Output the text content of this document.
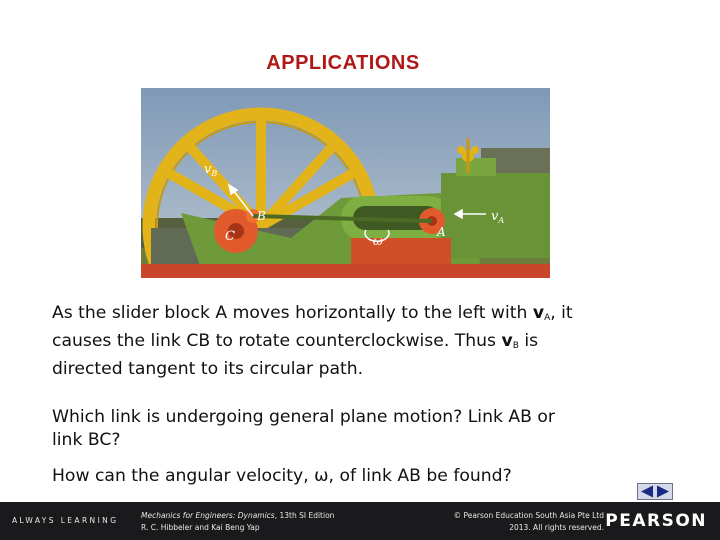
APPLICATIONS
$v_B$
B
C	A
$v_A$
ω
As the slider block A moves horizontally to the left with $v_A$, it
causes the link CB to rotate counterclockwise. Thus $v_B$ is
directed tangent to its circular path.
Which link is undergoing general plane motion? Link AB or
link BC?
How can the angular velocity, ω, of link AB be found?
ALWAYS LEARNING
Mechanics for Engineers: Dynamics, 13th SI Edition
R. C. Hibbeler and Kai Beng Yap
© Pearson Education South Asia Pte Ltd
2013. All rights reserved. PEARSON
